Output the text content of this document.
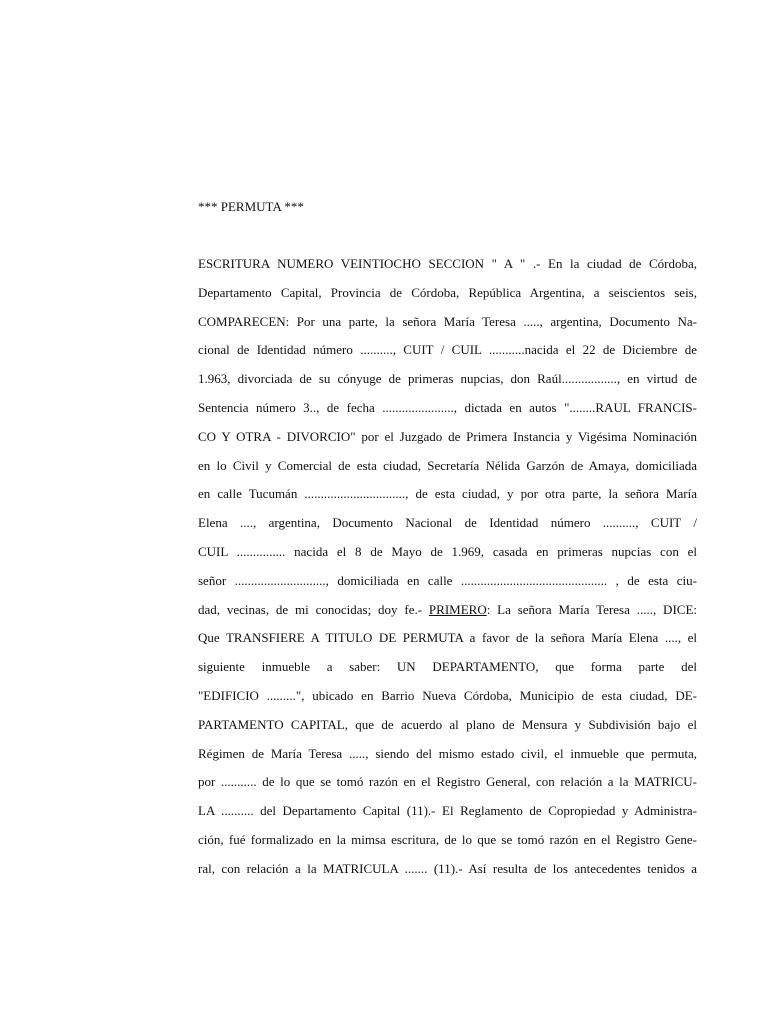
*** PERMUTA ***
ESCRITURA NUMERO VEINTIOCHO SECCION " A " .- En la ciudad de Córdoba,
Departamento Capital, Provincia de Córdoba, República Argentina, a seiscientos seis,
COMPARECEN: Por una parte, la señora María Teresa ....., argentina, Documento Na-
cional de Identidad número .........., CUIT / CUIL ...........nacida el 22 de Diciembre de
1.963, divorciada de su cónyuge de primeras nupcias, don Raúl................., en virtud de
Sentencia número 3.., de fecha ......................, dictada en autos "........RAUL FRANCIS-
CO Y OTRA - DIVORCIO" por el Juzgado de Primera Instancia y Vigésima Nominación
en lo Civil y Comercial de esta ciudad, Secretaría Nélida Garzón de Amaya, domiciliada
en calle Tucumán ..............................., de esta ciudad, y por otra parte, la señora María
Elena ...., argentina, Documento Nacional de Identidad número .........., CUIT /
CUIL ............... nacida el 8 de Mayo de 1.969, casada en primeras nupcias con el
señor ............................, domiciliada en calle ............................................. , de esta ciu-
dad, vecinas, de mi conocidas; doy fe.- PRIMERO: La señora María Teresa ....., DICE:
Que TRANSFIERE A TITULO DE PERMUTA a favor de la señora María Elena ...., el
siguiente inmueble a saber: UN DEPARTAMENTO, que forma parte del
"EDIFICIO .........", ubicado en Barrio Nueva Córdoba, Municipio de esta ciudad, DE-
PARTAMENTO CAPITAL, que de acuerdo al plano de Mensura y Subdivisión bajo el
Régimen de María Teresa ....., siendo del mismo estado civil, el inmueble que permuta,
por ........... de lo que se tomó razón en el Registro General, con relación a la MATRICU-
LA .......... del Departamento Capital (11).- El Reglamento de Copropiedad y Administra-
ción, fué formalizado en la mimsa escritura, de lo que se tomó razón en el Registro Gene-
ral, con relación a la MATRICULA ....... (11).- Así resulta de los antecedentes tenidos a
